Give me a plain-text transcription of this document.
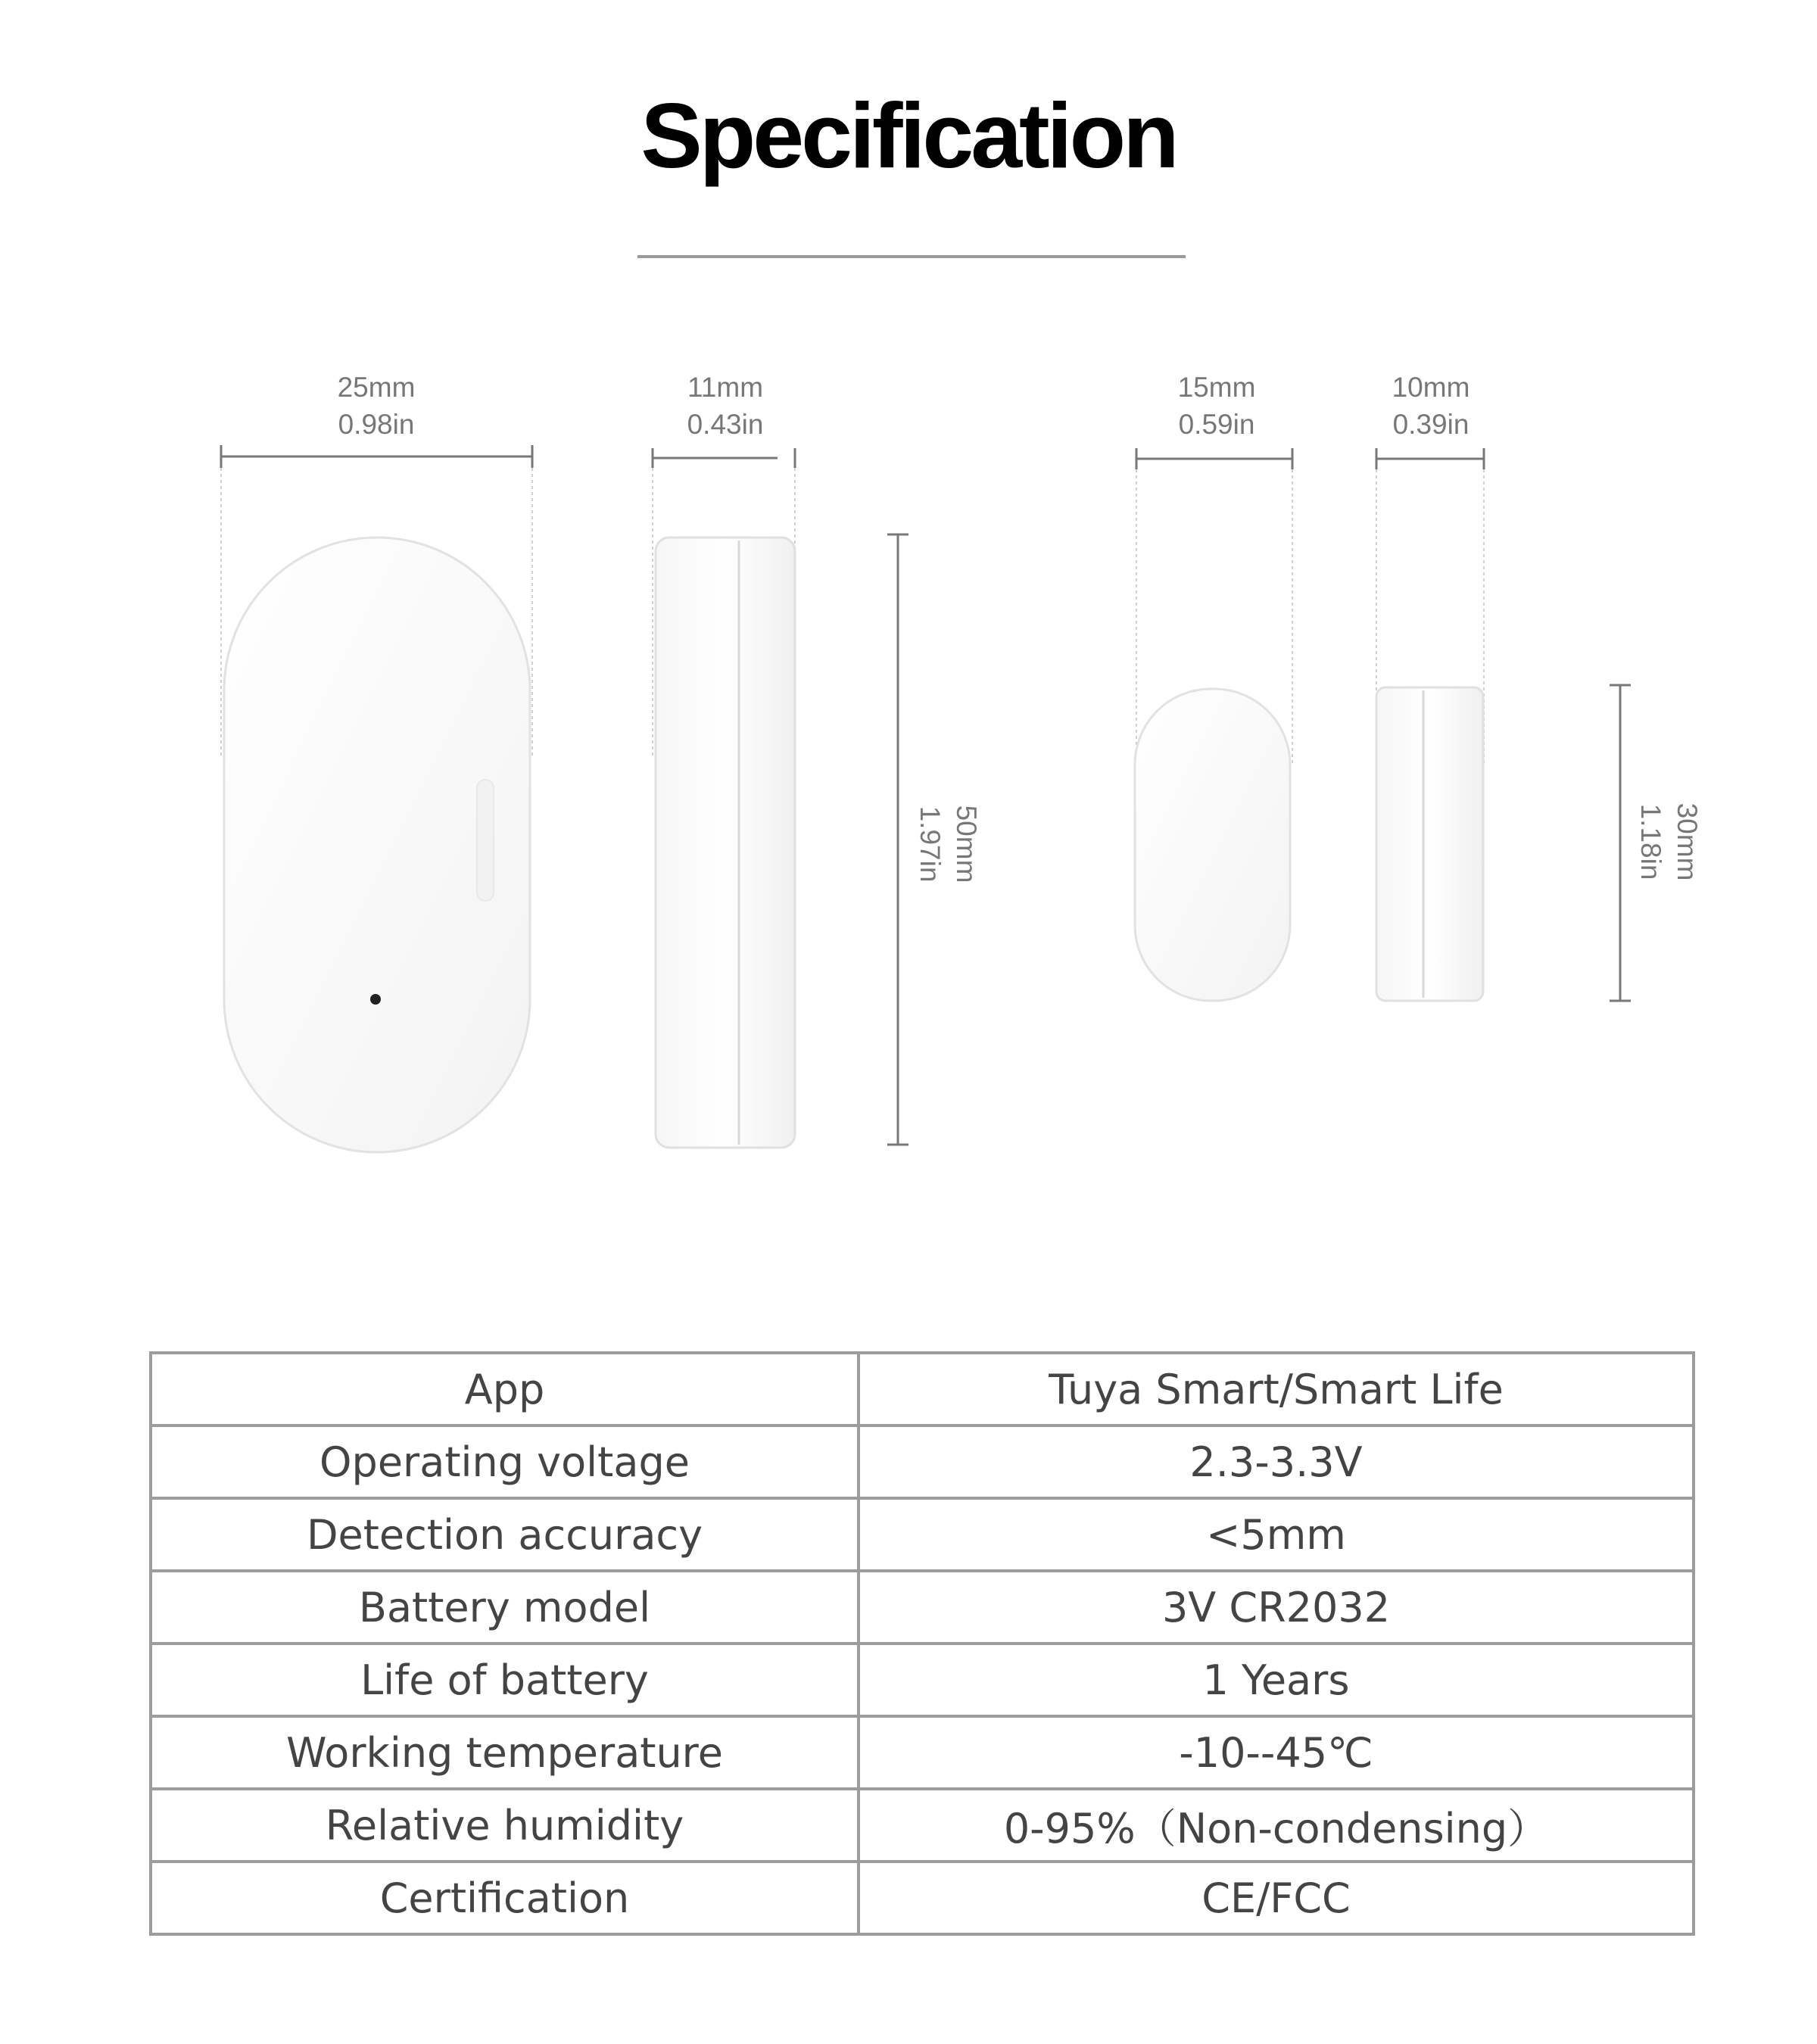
Specification
25mm
0.98in
11mm
0.43in
50mm
1.97in
15mm
0.59in
10mm
0.39in
30mm
1.18in
App	Tuya Smart/Smart Life
Operating voltage	2.3-3.3V
Detection accuracy	<5mm
Battery model	3V CR2032
Life of battery	1 Years
Working temperature	-10--45℃
Relative humidity	0-95%（Non-condensing）
Certification	CE/FCC
